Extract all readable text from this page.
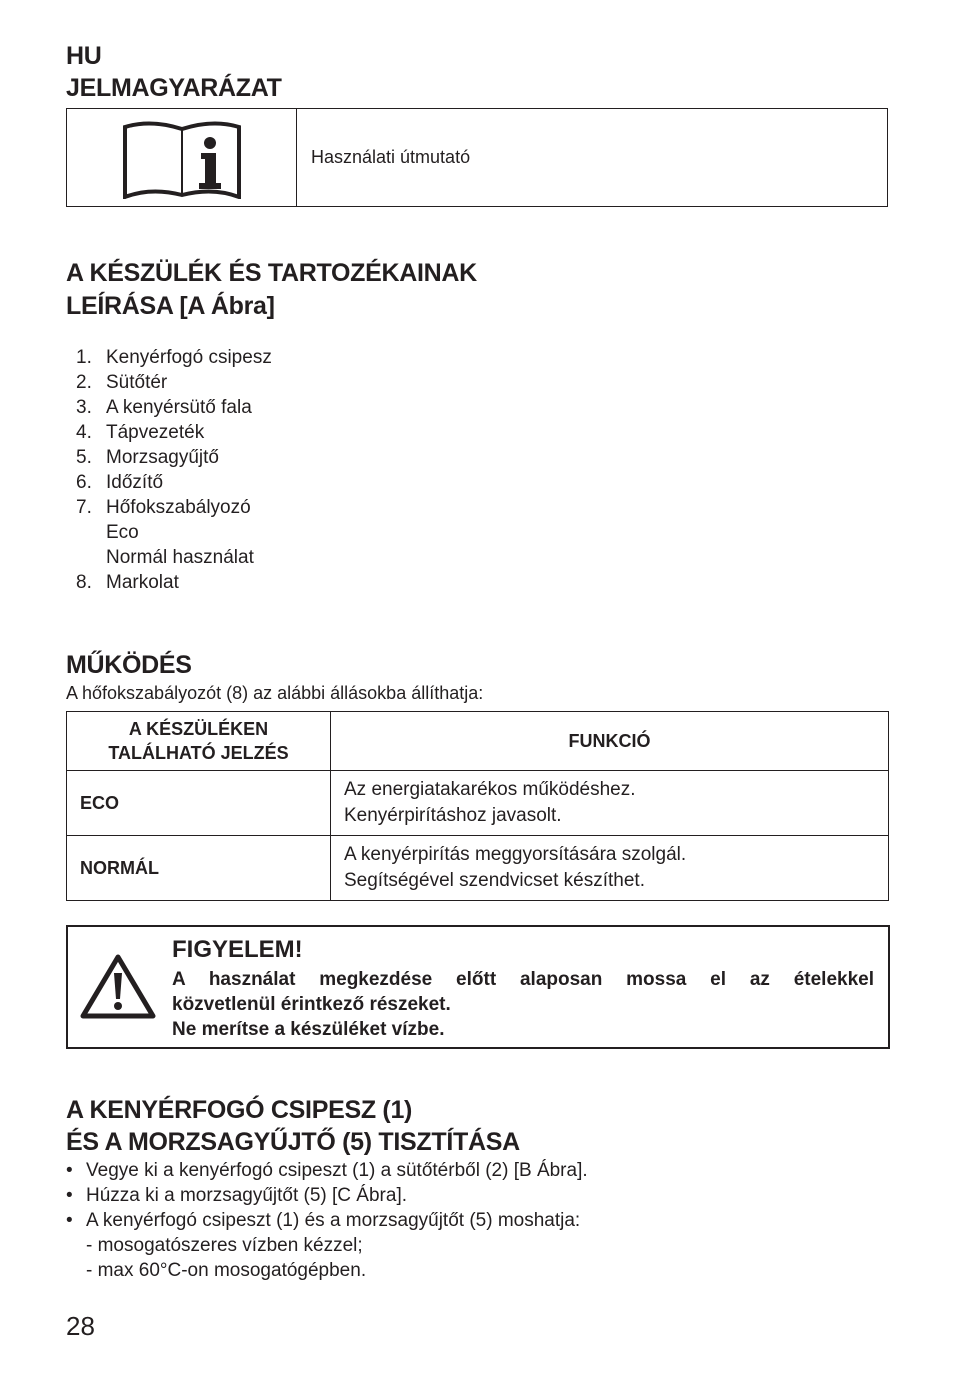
HU
JELMAGYARÁZAT
Használati útmutató
A KÉSZÜLÉK ÉS TARTOZÉKAINAK
LEÍRÁSA [A Ábra]
1. Kenyérfogó csipesz
2. Sütőtér
3. A kenyérsütő fala
4. Tápvezeték
5. Morzsagyűjtő
6. Időzítő
7. Hőfokszabályozó
Eco
Normál használat
8. Markolat
MŰKÖDÉS
A hőfokszabályozót (8) az alábbi állásokba állíthatja:
A KÉSZÜLÉKEN
TALÁLHATÓ JELZÉS	FUNKCIÓ
ECO	Az energiatakarékos működéshez.
Kenyérpirításhoz javasolt.
NORMÁL	A kenyérpirítás meggyorsítására szolgál.
Segítségével szendvicset készíthet.
FIGYELEM!
A használat megkezdése előtt alaposan mossa el az ételekkel
közvetlenül érintkező részeket.
Ne merítse a készüléket vízbe.
A KENYÉRFOGÓ CSIPESZ (1)
ÉS A MORZSAGYŰJTŐ (5) TISZTÍTÁSA
• Vegye ki a kenyérfogó csipeszt (1) a sütőtérből (2) [B Ábra].
• Húzza ki a morzsagyűjtőt (5) [C Ábra].
• A kenyérfogó csipeszt (1) és a morzsagyűjtőt (5) moshatja:
- mosogatószeres vízben kézzel;
- max 60°C-on mosogatógépben.
28
